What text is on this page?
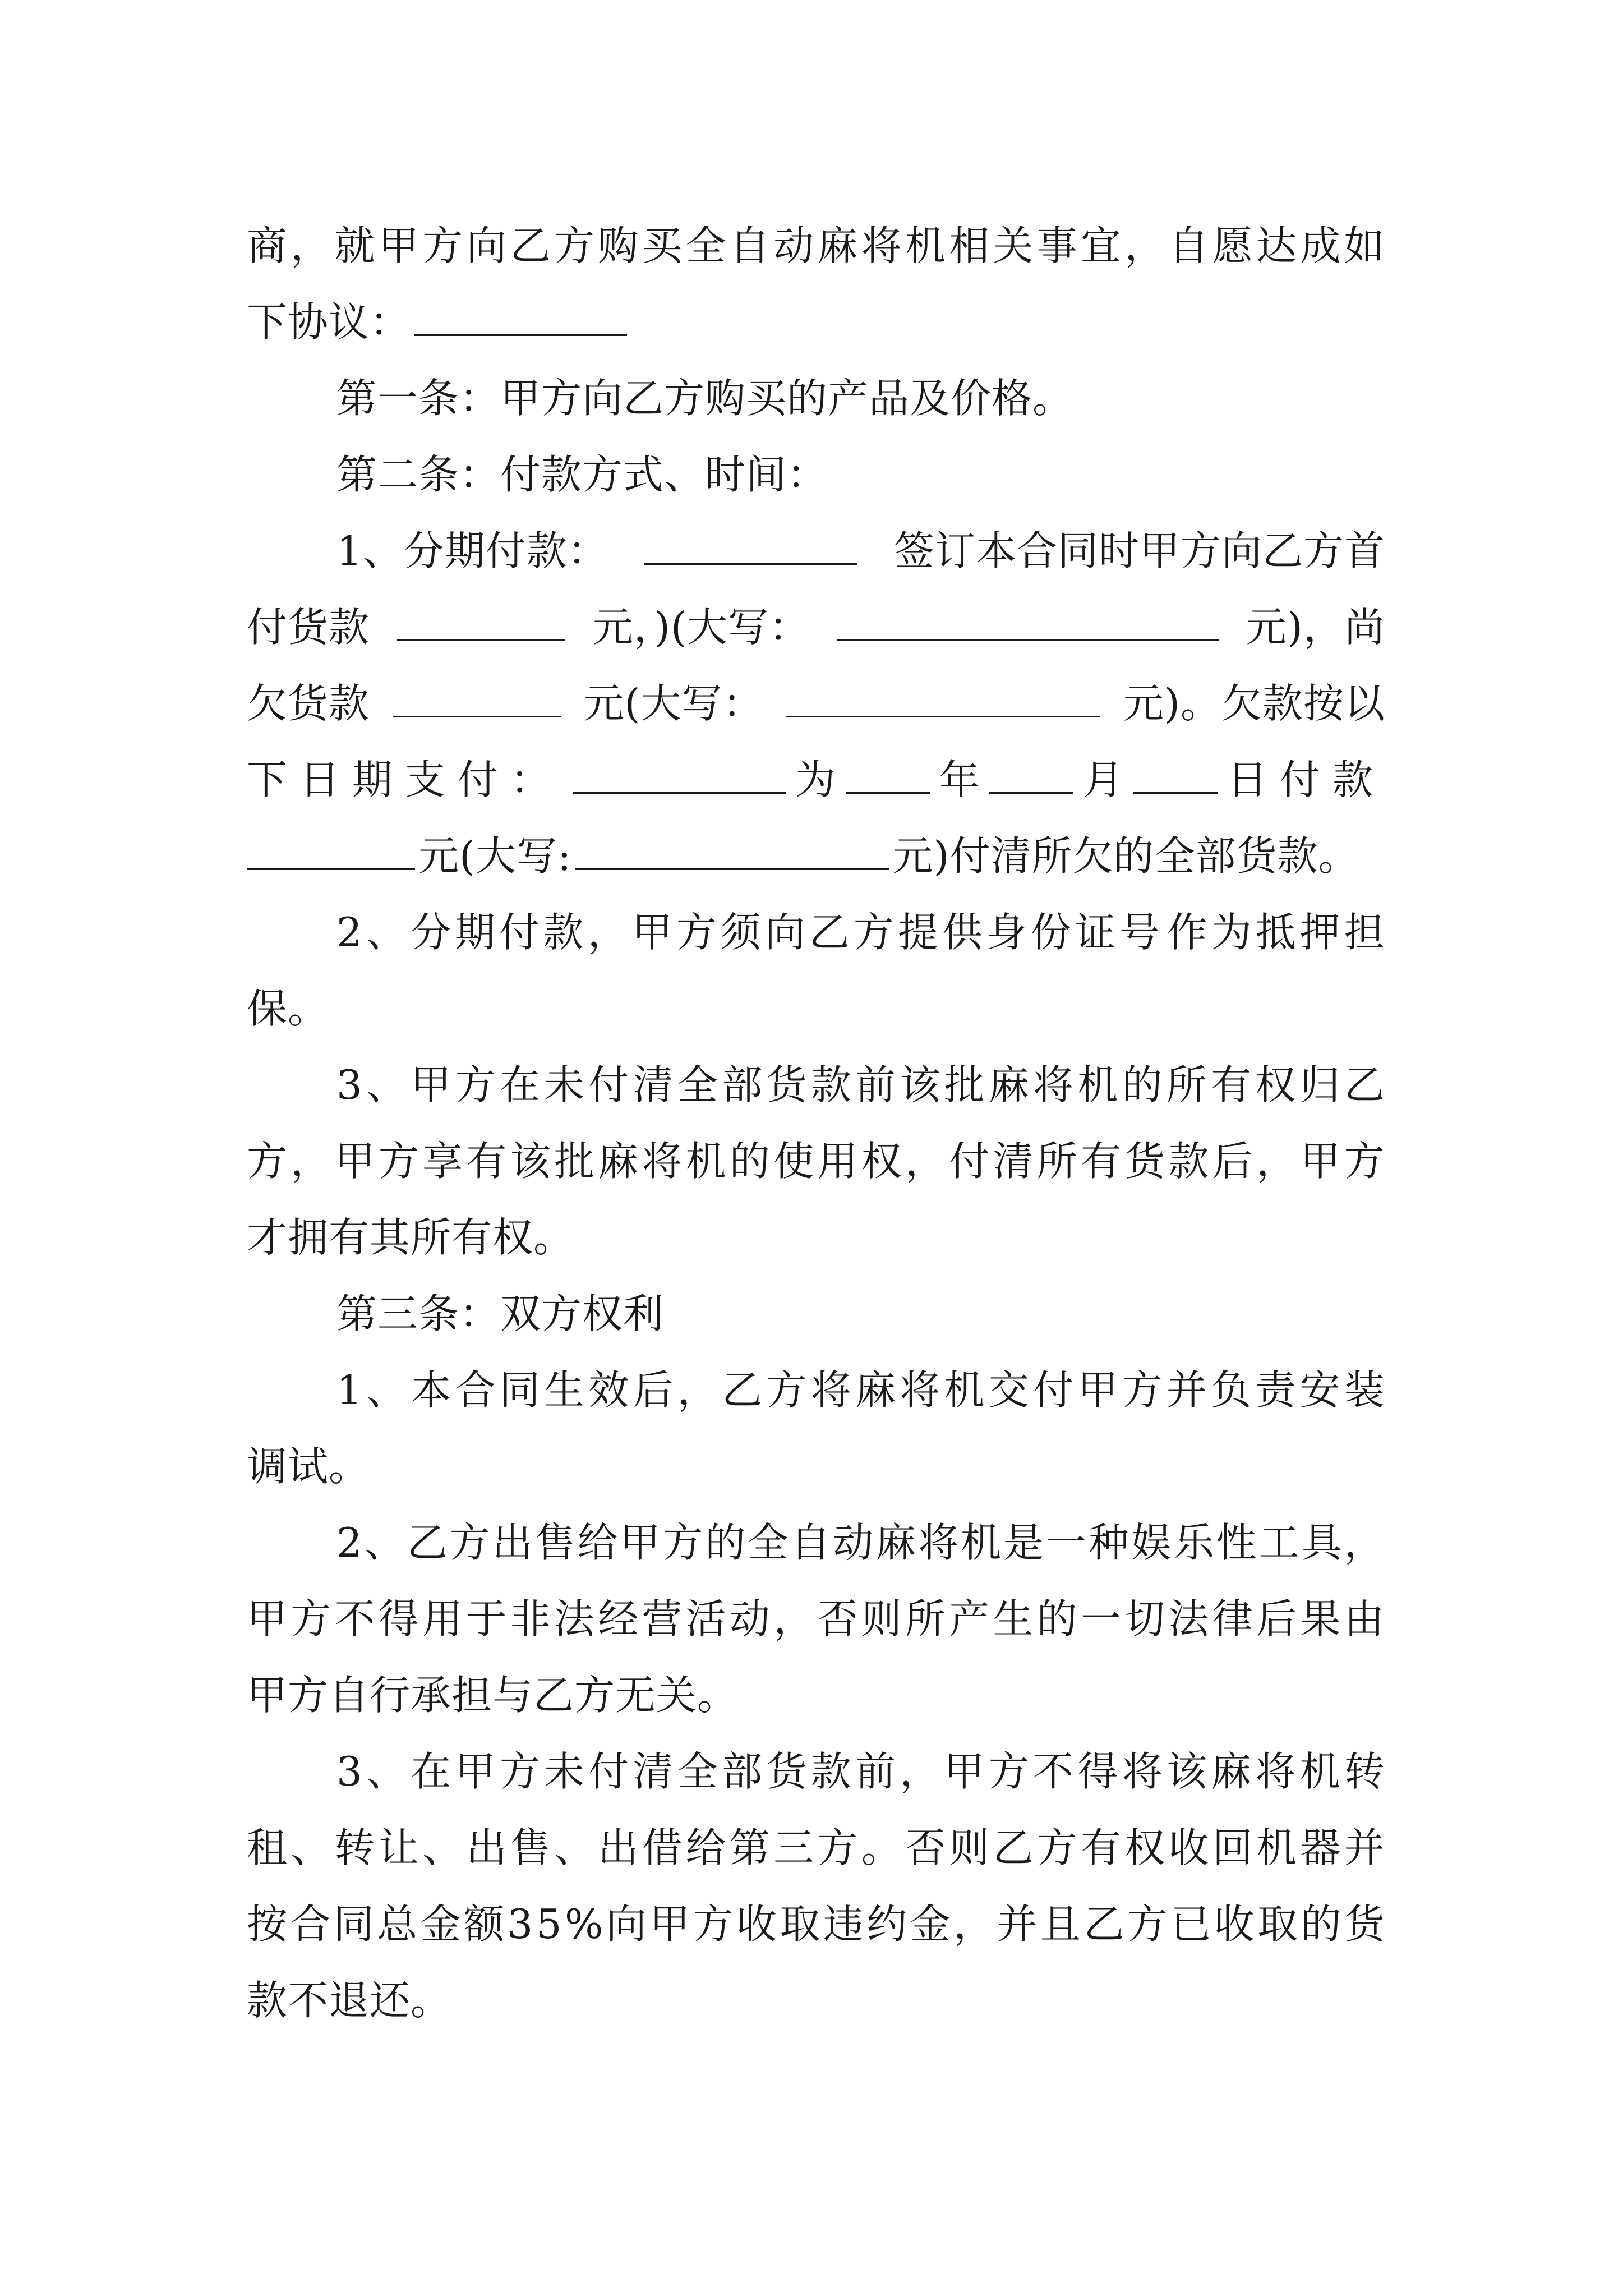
商 ， 就 甲 方 向 乙 方 购 买 全 自 动 麻 将 机 相 关 事 宜 ， 自 愿 达 成 如
下协议：
第一条：甲方向乙方购买的产品及价格。
第二条：付款方式、时间：
1、分期付款：	签订本合同时甲方向乙方首
付货款	元，)(大写：	元)，尚
欠货款	元(大写：	元)。欠款按以
下日期支付：	为	年	月	日付款
元(大写:	元)付清所欠的全部货款。
2 、 分 期 付 款 ， 甲 方 须 向 乙 方 提 供 身 份 证 号 作 为 抵 押 担
保。
3 、 甲 方 在 未 付 清 全 部 货 款 前 该 批 麻 将 机 的 所 有 权 归 乙
方 ， 甲 方 享 有 该 批 麻 将 机 的 使 用 权 ， 付 清 所 有 货 款 后 ， 甲 方
才拥有其所有权。
第三条：双方权利
1 、 本 合 同 生 效 后 ， 乙 方 将 麻 将 机 交 付 甲 方 并 负 责 安 装
调试。
2 、 乙 方 出 售 给 甲 方 的 全 自 动 麻 将 机 是 一 种 娱 乐 性 工 具 ，
甲 方 不 得 用 于 非 法 经 营 活 动 ， 否 则 所 产 生 的 一 切 法 律 后 果 由
甲方自行承担与乙方无关。
3 、 在 甲 方 未 付 清 全 部 货 款 前 ， 甲 方 不 得 将 该 麻 将 机 转
租 、 转 让 、 出 售 、 出 借 给 第 三 方 。 否 则 乙 方 有 权 收 回 机 器 并
按 合 同 总 金 额 3 5 % 向 甲 方 收 取 违 约 金 ， 并 且 乙 方 已 收 取 的 货
款不退还。
